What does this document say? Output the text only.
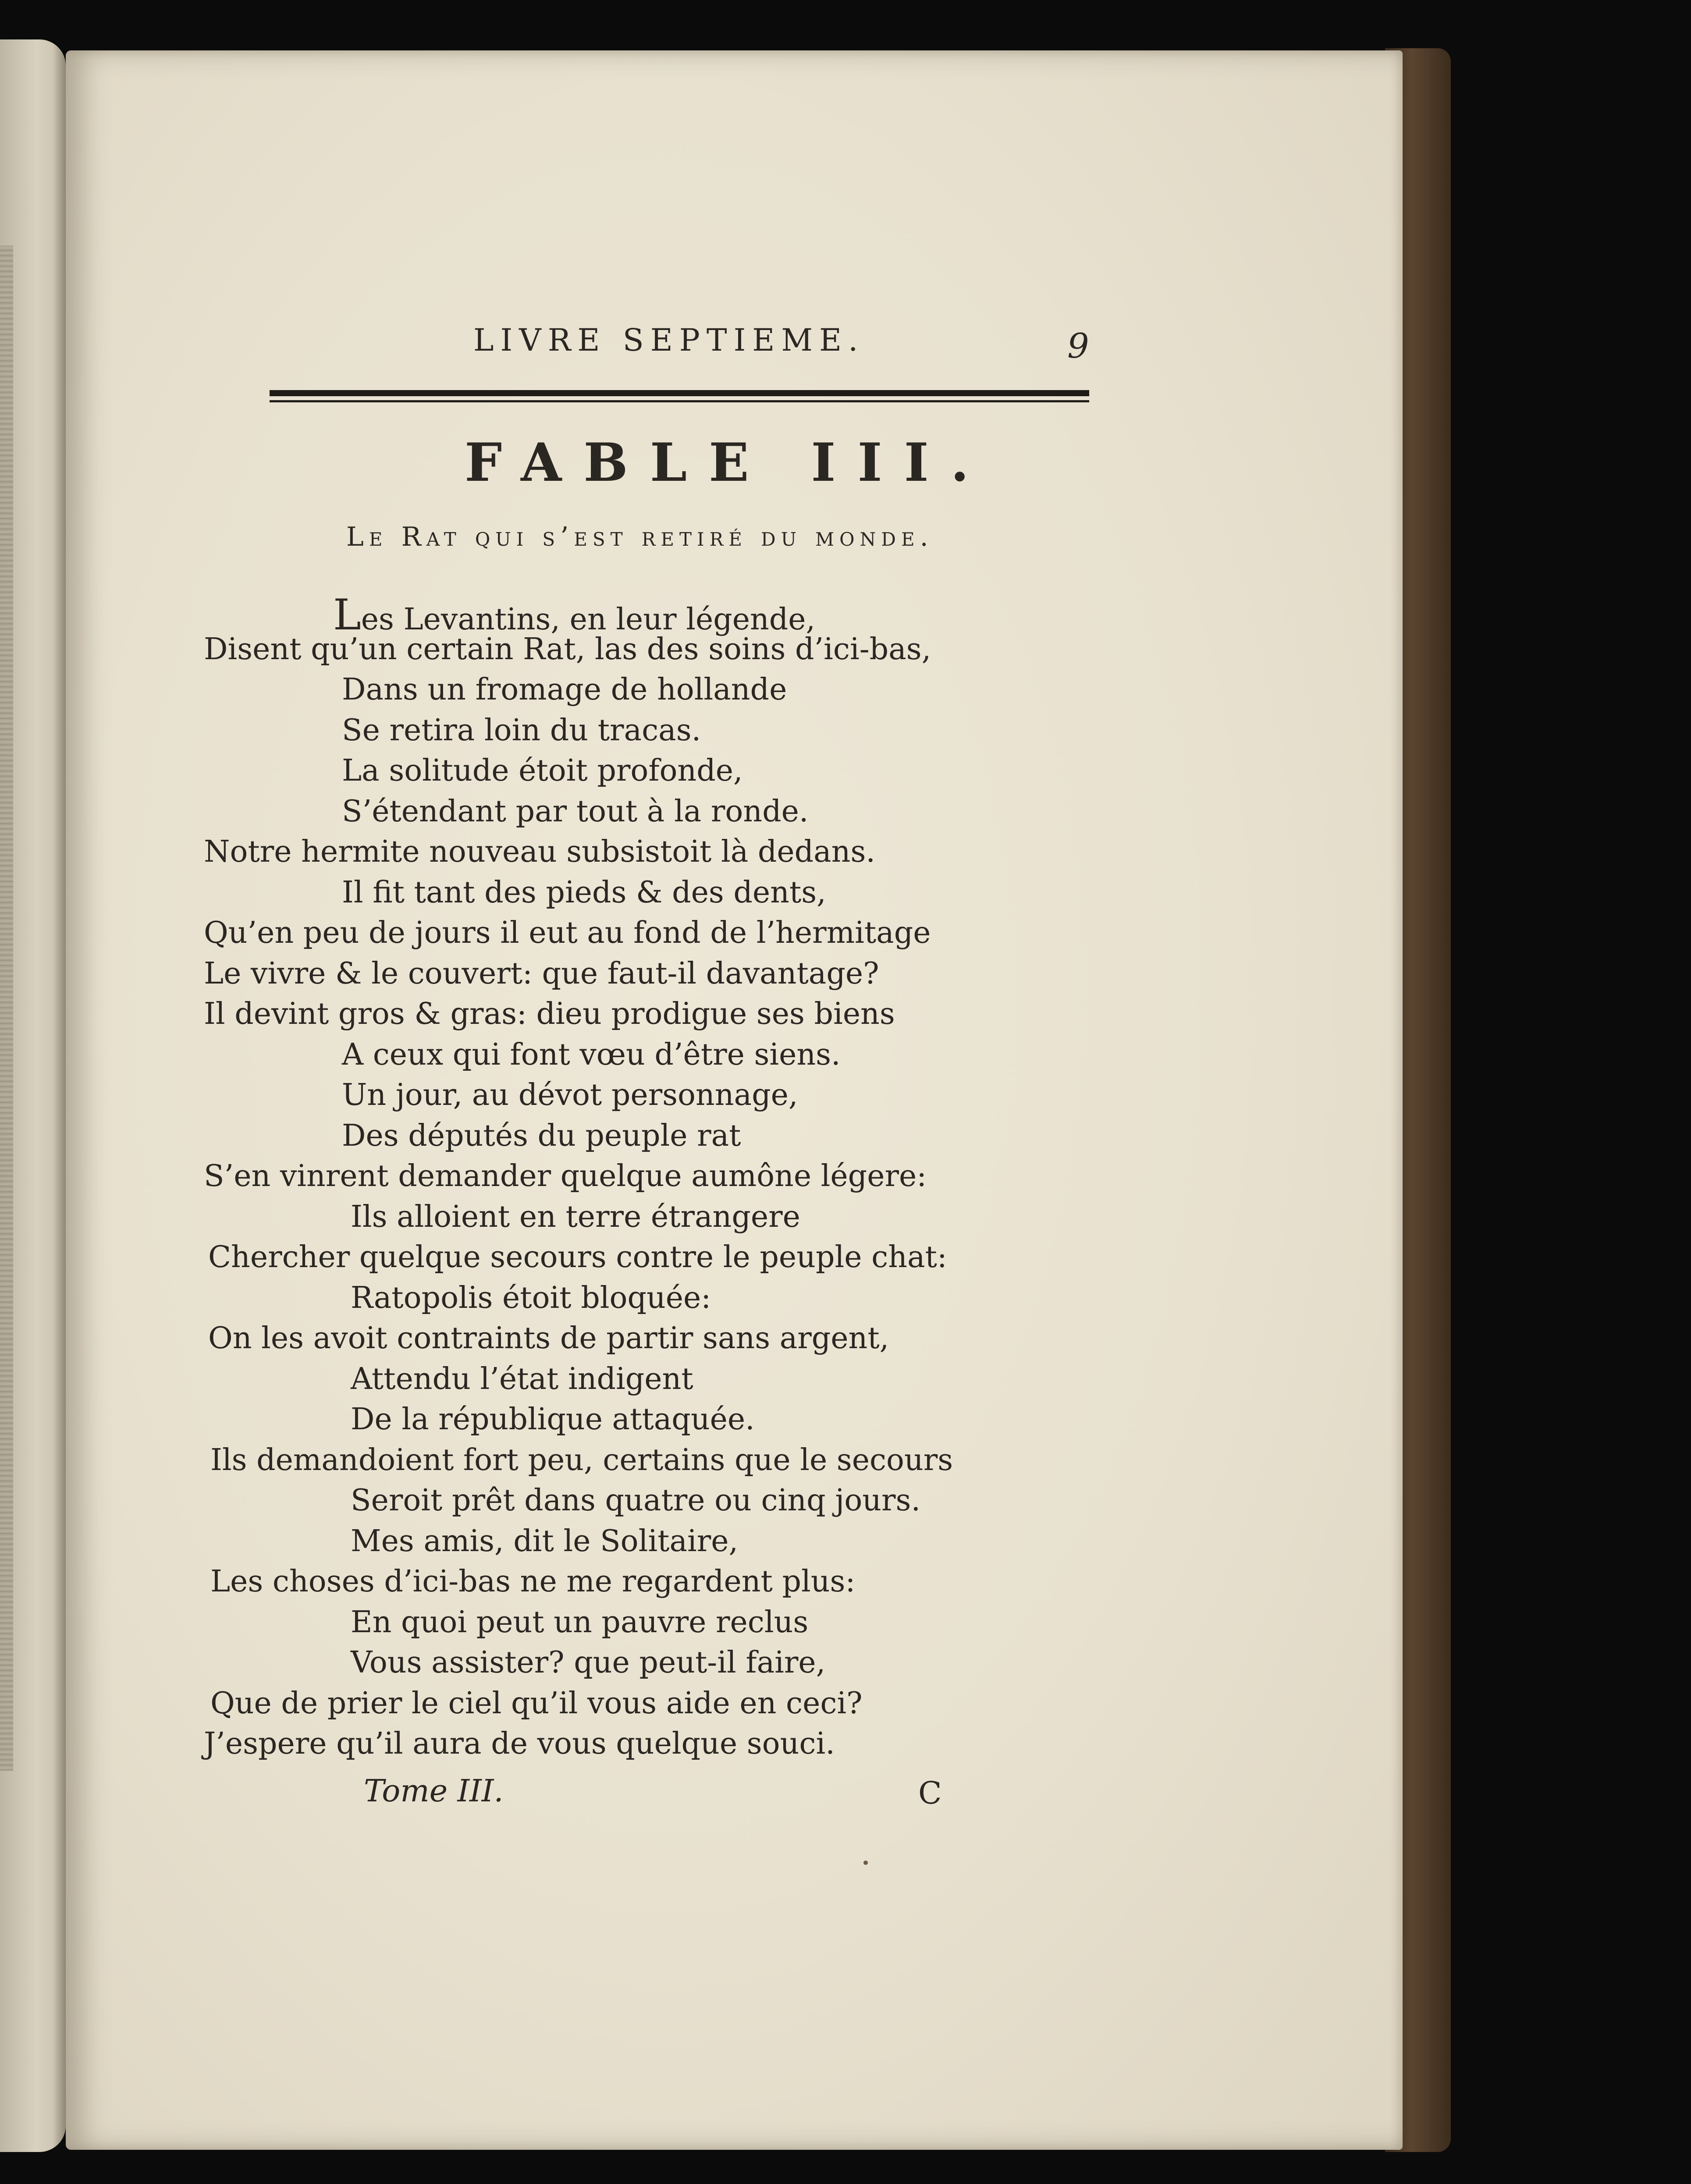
LIVRE SEPTIEME.	9
FABLE III.
Le Rat qui s’est retiré du monde.
Les Levantins, en leur légende,
Disent qu’un certain Rat, las des soins d’ici-bas,
Dans un fromage de hollande
Se retira loin du tracas.
La solitude étoit profonde,
S’étendant par tout à la ronde.
Notre hermite nouveau subsistoit là dedans.
Il fit tant des pieds & des dents,
Qu’en peu de jours il eut au fond de l’hermitage
Le vivre & le couvert: que faut-il davantage?
Il devint gros & gras: dieu prodigue ses biens
A ceux qui font vœu d’être siens.
Un jour, au dévot personnage,
Des députés du peuple rat
S’en vinrent demander quelque aumône légere:
Ils alloient en terre étrangere
Chercher quelque secours contre le peuple chat:
Ratopolis étoit bloquée:
On les avoit contraints de partir sans argent,
Attendu l’état indigent
De la république attaquée.
Ils demandoient fort peu, certains que le secours
Seroit prêt dans quatre ou cinq jours.
Mes amis, dit le Solitaire,
Les choses d’ici-bas ne me regardent plus:
En quoi peut un pauvre reclus
Vous assister? que peut-il faire,
Que de prier le ciel qu’il vous aide en ceci?
J’espere qu’il aura de vous quelque souci.
Tome III.	C
